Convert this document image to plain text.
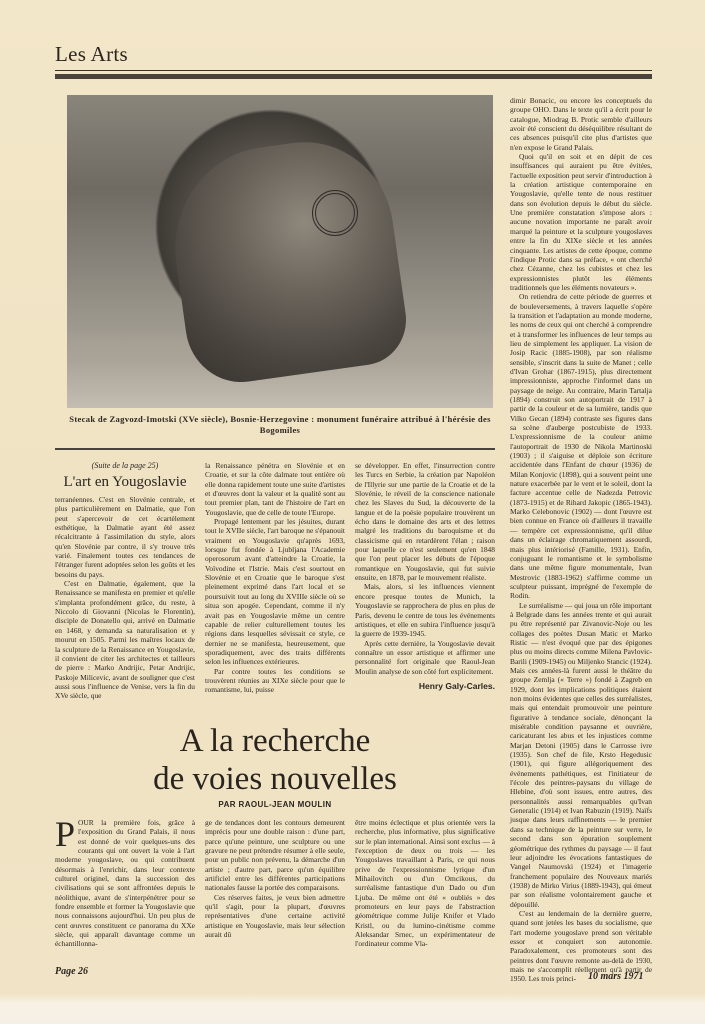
Les Arts
Stecak de Zagvozd-Imotski (XVe siècle), Bosnie-Herzegovine : monument funéraire attribué à l'hérésie des Bogomiles
(Suite de la page 25)
L'art en Yougoslavie

terranéennes. C'est en Slovénie centrale, et plus particulièrement en Dalmatie, que l'on peut s'apercevoir de cet écartèlement esthétique, la Dalmatie ayant été assez récalcitrante à l'assimilation du style, alors qu'en Slovénie par contre, il s'y trouve très varié. Finalement toutes ces tendances de l'étranger furent adoptées selon les goûts et les besoins du pays.

C'est en Dalmatie, également, que la Renaissance se manifesta en premier et qu'elle s'implanta profondément grâce, du reste, à Niccolo di Giovanni (Nicolas le Florentin), disciple de Donatello qui, arrivé en Dalmatie en 1468, y demanda sa naturalisation et y mourut en 1505. Parmi les maîtres locaux de la sculpture de la Renaissance en Yougoslavie, il convient de citer les architectes et tailleurs de pierre : Marko Andrijic, Petar Andrijic, Paskoje Milicevic, avant de souligner que c'est aussi sous l'influence de Venise, vers la fin du XVe siècle, que

la Renaissance pénétra en Slovénie et en Croatie, et sur la côte dalmate tout entière où elle donna rapidement toute une suite d'artistes et d'œuvres dont la valeur et la qualité sont au tout premier plan, tant de l'histoire de l'art en Yougoslavie, que de celle de toute l'Europe.

Propagé lentement par les jésuites, durant tout le XVIIe siècle, l'art baroque ne s'épanouit vraiment en Yougoslavie qu'après 1693, lorsque fut fondée à Ljubljana l'Academie operosorum avant d'atteindre la Croatie, la Voïvodine et l'Istrie. Mais c'est sourtout en Slovénie et en Croatie que le baroque s'est pleinement exprimé dans l'art local et se poursuivit tout au long du XVIIIe siècle où se situa son apogée. Cependant, comme il n'y avait pas en Yougoslavie même un centre capable de relier culturellement toutes les régions dans lesquelles sévissait ce style, ce dernier ne se manifesta, heureusement, que sporadiquement, avec des traits différents selon les influences extérieures.

Par contre toutes les conditions se trouvèrent réunies au XIXe siècle pour que le romantisme, lui, puisse

se développer. En effet, l'insurrection contre les Turcs en Serbie, la création par Napoléon de l'Illyrie sur une partie de la Croatie et de la Slovénie, le réveil de la conscience nationale chez les Slaves du Sud, la découverte de la langue et de la poésie populaire trouvèrent un écho dans le domaine des arts et des lettres malgré les traditions du baroquisme et du classicisme qui en retardèrent l'élan ; raison pour laquelle ce n'est seulement qu'en 1848 que l'on peut placer les débuts de l'époque romantique en Yougoslavie, qui fut suivie ensuite, en 1878, par le mouvement réaliste.

Mais, alors, si les influences viennent encore presque toutes de Munich, la Yougoslavie se rapprochera de plus en plus de Paris, devenu le centre de tous les événements artistiques, et elle en subira l'influence jusqu'à la guerre de 1939-1945.

Après cette dernière, la Yougoslavie devait connaître un essor artistique et affirmer une personnalité fort originale que Raoul-Jean Moulin analyse de son côté fort explicitement.

Henry Galy-Carles.
A la recherche
de voies nouvelles
PAR RAOUL-JEAN MOULIN
P OUR la première fois, grâce à l'exposition du Grand Palais, il nous est donné de voir quelques-uns des courants qui ont ouvert la voie à l'art moderne yougoslave, ou qui contribuent désormais à l'enrichir, dans leur contexte culturel originel, dans la succession des civilisations qui se sont affrontées depuis le néolithique, avant de s'interpénétrer pour se fondre ensemble et former la Yougoslavie que nous connaissons aujourd'hui. Un peu plus de cent œuvres constituent ce panorama du XXe siècle, qui apparaît davantage comme un échantillonna-

ge de tendances dont les contours demeurent imprécis pour une double raison : d'une part, parce qu'une peinture, une sculpture ou une gravure ne peut prétendre résumer à elle seule, pour un public non prévenu, la démarche d'un artiste ; d'autre part, parce qu'un équilibre artificiel entre les différentes participations nationales fausse la portée des comparaisons.

Ces réserves faites, je veux bien admettre qu'il s'agit, pour la plupart, d'œuvres représentatives d'une certaine activité artistique en Yougoslavie, mais leur sélection aurait dû

être moins éclectique et plus orientée vers la recherche, plus informative, plus significative sur le plan international. Ainsi sont exclus — à l'exception de deux ou trois — les Yougoslaves travaillant à Paris, ce qui nous prive de l'expressionnisme lyrique d'un Mihailovitch ou d'un Omcikous, du surréalisme fantastique d'un Dado ou d'un Ljuba. De même ont été « oubliés » des promoteurs en leur pays de l'abstraction géométrique comme Julije Knifer et Vlado Kristl, ou du lumino-cinétisme comme Aleksandar Srnec, un expérimentateur de l'ordinateur comme Vla-

dimir Bonacic, ou encore les conceptuels du groupe OHO. Dans le texte qu'il a écrit pour le catalogue, Miodrag B. Protic semble d'ailleurs avoir été conscient du déséquilibre résultant de ces absences puisqu'il cite plus d'artistes que n'en expose le Grand Palais.

Quoi qu'il en soit et en dépit de ces insuffisances qui auraient pu être évitées, l'actuelle exposition peut servir d'introduction à la création artistique contemporaine en Yougoslavie, qu'elle tente de nous restituer dans son évolution depuis le début du siècle. Une première constatation s'impose alors : aucune novation importante ne paraît avoir marqué la peinture et la sculpture yougoslaves entre la fin du XIXe siècle et les années cinquante. Les artistes de cette époque, comme l'indique Protic dans sa préface, « ont cherché chez Cézanne, chez les cubistes et chez les expressionnistes plutôt les éléments traditionnels que les éléments novateurs ».

On retiendra de cette période de guerres et de bouleversements, à travers laquelle s'opère la transition et l'adaptation au monde moderne, les noms de ceux qui ont cherché à comprendre et à transformer les influences de leur temps au lieu de simplement les appliquer. La vision de Josip Racic (1885-1908), par son réalisme sensible, s'inscrit dans la suite de Manet ; celle d'Ivan Grohar (1867-1915), plus directement impressionniste, approche l'informel dans un paysage de neige. Au contraire, Marin Tartalja (1894) construit son autoportrait de 1917 à partir de la couleur et de sa lumière, tandis que Vilko Gecan (1894) contraste ses figures dans sa scène d'auberge postcubiste de 1933. L'expressionnisme de la couleur anime l'autoportrait de 1930 de Nikola Martinoski (1903) ; il s'aiguise et déploie son écriture accidentée dans l'Enfant de chœur (1936) de Milan Konjovic (1898), qui a souvent peint une nature exacerbée par le vent et le soleil, dont la facture accentue celle de Nadezda Petrovic (1873-1915) et de Rihard Jakopic (1865-1943). Marko Celebonovic (1902) — dont l'œuvre est bien connue en France où d'ailleurs il travaille — tempère cet expressionnisme, qu'il dilue dans un éclairage chromatiquement assourdi, mais plus intériorisé (Famille, 1931). Enfin, conjuguant le romantisme et le symbolisme dans une même figure monumentale, Ivan Mestrovic (1883-1962) s'affirme comme un sculpteur puissant, imprégné de l'exemple de Rodin.

Le surréalisme — qui joua un rôle important à Belgrade dans les années trente et qui aurait pu être représenté par Zivanovic-Noje ou les collages des poètes Dusan Matic et Marko Ristic — n'est évoqué que par des épigones plus ou moins directs comme Milena Pavlovic-Barili (1909-1945) ou Miljenko Stancic (1924). Mais ces années-là furent aussi le théâtre du groupe Zemlja (« Terre ») fondé à Zagreb en 1929, dont les implications politiques étaient non moins évidentes que celles des surréalistes, mais qui entendait promouvoir une peinture figurative à tendance sociale, dénonçant la misérable condition paysanne et ouvrière, caricaturant les abus et les injustices comme Marjan Detoni (1905) dans le Carrosse ivre (1935). Son chef de file, Krsto Hegedusic (1901), qui figure allégoriquement des événements pathétiques, est l'initiateur de l'école des peintres-paysans du village de Hlebine, d'où sont issues, entre autres, des personnalités aussi remarquables qu'Ivan Generalic (1914) et Ivan Rabuzin (1919). Naïfs jusque dans leurs raffinements — le premier dans sa technique de la peinture sur verre, le second dans son épuration souplement géométrique des rythmes du paysage — il faut leur adjoindre les évocations fantastiques de Vangel Naumovski (1924) et l'imagerie franchement populaire des Nouveaux mariés (1938) de Mirko Virius (1889-1943), qui émeut par son réalisme volontairement gauche et dépouillé.

C'est au lendemain de la dernière guerre, quand sont jetées les bases du socialisme, que l'art moderne yougoslave prend son véritable essor et conquiert son autonomie. Paradoxalement, ces promoteurs sont des peintres dont l'œuvre remonte au-delà de 1930, mais ne s'accomplit réellement qu'à partir de 1950. Les trois princi-

Page 26	10 mars 1971
